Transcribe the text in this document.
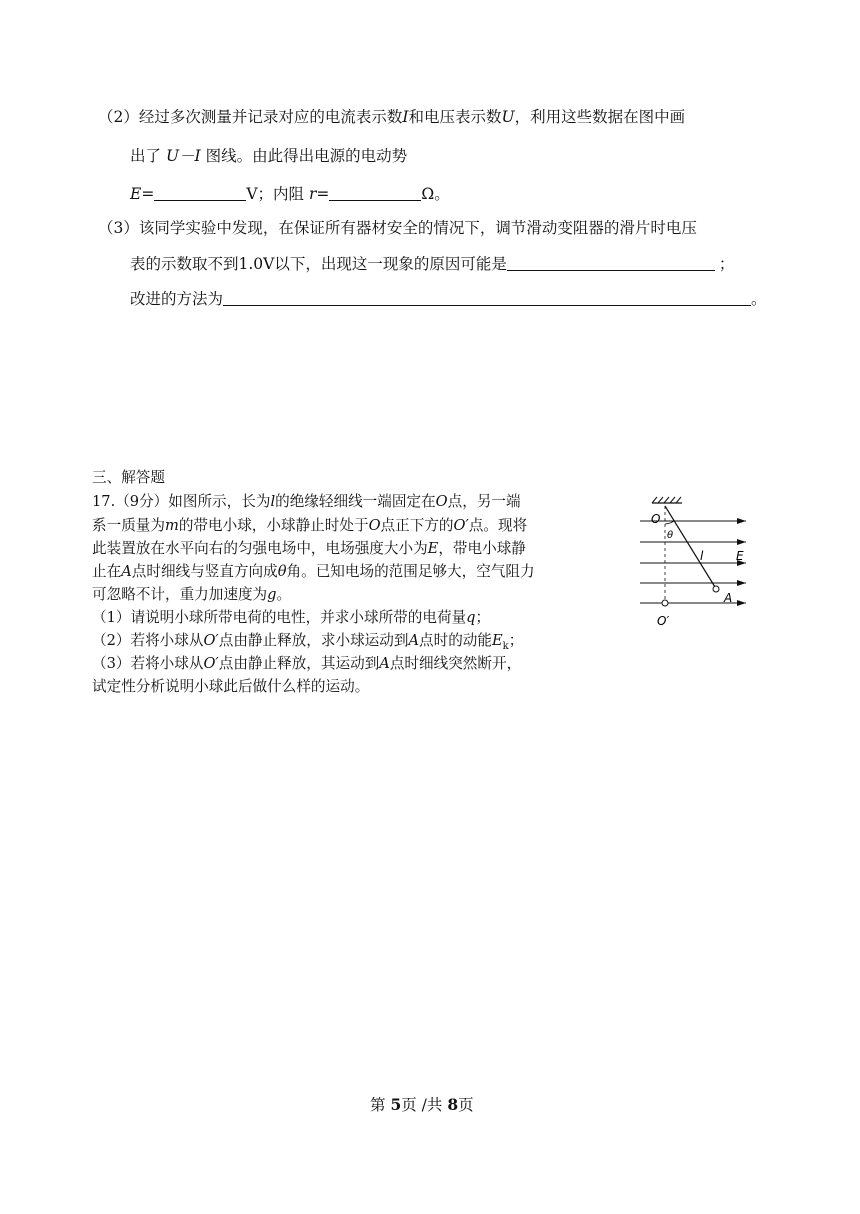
（2）经过多次测量并记录对应的电流表示数I和电压表示数U，利用这些数据在图中画
出了 U－I 图线。由此得出电源的电动势
E=	V；内阻 r=	Ω。
（3）该同学实验中发现，在保证所有器材安全的情况下，调节滑动变阻器的滑片时电压
表的示数取不到1.0V以下，出现这一现象的原因可能是	；
改进的方法为	。
三、解答题
17.（9分）如图所示，长为l的绝缘轻细线一端固定在O点，另一端
系一质量为m的带电小球，小球静止时处于O点正下方的O′点。现将
此装置放在水平向右的匀强电场中，电场强度大小为E，带电小球静
止在A点时细线与竖直方向成θ角。已知电场的范围足够大，空气阻力
可忽略不计，重力加速度为g。
（1）请说明小球所带电荷的电性，并求小球所带的电荷量q；
（2）若将小球从O′点由静止释放，求小球运动到A点时的动能$E_k$；
（3）若将小球从O′点由静止释放，其运动到A点时细线突然断开，
试定性分析说明小球此后做什么样的运动。
O
θ
l	E
A
O′
第 5页 /共 8页
